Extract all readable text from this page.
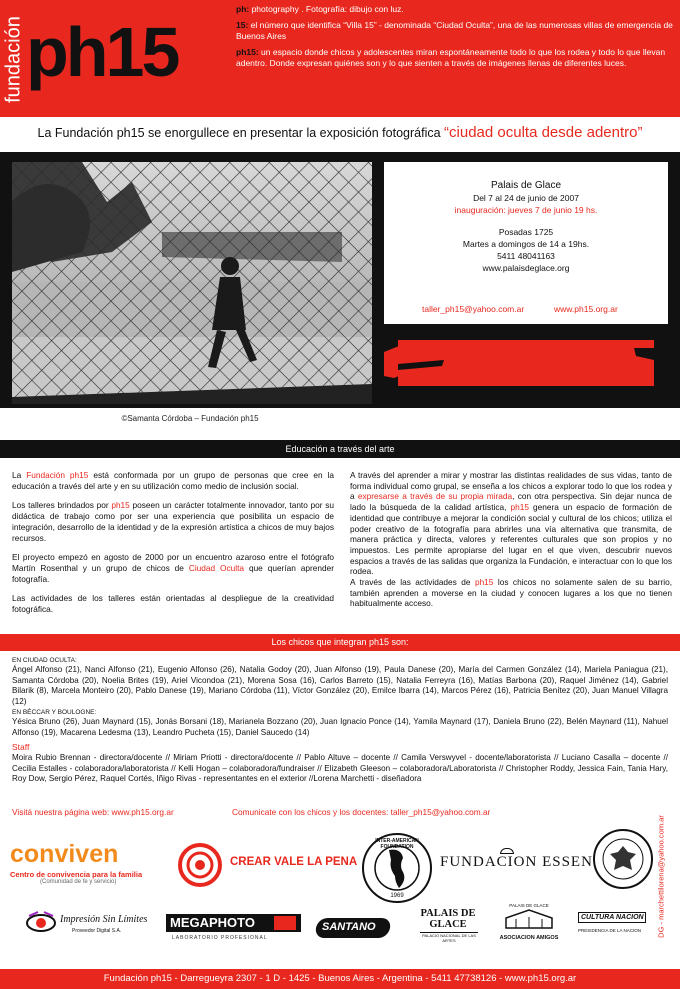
fundación ph15

ph: photography . Fotografía: dibujo con luz.

15: el número que identifica “Villa 15” - denominada “Ciudad Oculta”, una de las numerosas villas de emergencia de Buenos Aires

ph15: un espacio donde chicos y adolescentes miran espontáneamente todo lo que los rodea y todo lo que llevan adentro. Donde expresan quiénes son y lo que sienten a través de imágenes llenas de diferentes luces.

La Fundación ph15 se enorgullece en presentar la exposición fotográfica “ciudad oculta desde adentro”
©Samanta Córdoba – Fundación ph15
Palais de Glace
Del 7 al 24 de junio de 2007
inauguración: jueves 7 de junio 19 hs.
Posadas 1725
Martes a domingos de 14 a 19hs.
5411 48041163
www.palaisdeglace.org
taller_ph15@yahoo.com.ar	www.ph15.org.ar
Educación a través del arte

La Fundación ph15 está conformada por un grupo de personas que cree en la educación a través del arte y en su utilización como medio de inclusión social.

Los talleres brindados por ph15 poseen un carácter totalmente innovador, tanto por su didáctica de trabajo como por ser una experiencia que posibilita un espacio de integración, desarrollo de la identidad y de la expresión artística a chicos de muy bajos recursos.

El proyecto empezó en agosto de 2000 por un encuentro azaroso entre el fotógrafo Martín Rosenthal y un grupo de chicos de Ciudad Oculta que querían aprender fotografía.

Las actividades de los talleres están orientadas al despliegue de la creatividad fotográfica.

A través del aprender a mirar y mostrar las distintas realidades de sus vidas, tanto de forma individual como grupal, se enseña a los chicos a explorar todo lo que los rodea y a expresarse a través de su propia mirada, con otra perspectiva. Sin dejar nunca de lado la búsqueda de la calidad artística, ph15 genera un espacio de formación de identidad que contribuye a mejorar la condición social y cultural de los chicos; utiliza el poder creativo de la fotografía para abrirles una vía alternativa que transmita, de manera práctica y directa, valores y referentes culturales que son propios y no impuestos. Les permite apropiarse del lugar en el que viven, descubrir nuevos espacios a través de las salidas que organiza la Fundación, e interactuar con lo que los rodea.

A través de las actividades de ph15 los chicos no solamente salen de su barrio, también aprenden a moverse en la ciudad y conocen lugares a los que no tienen habitualmente acceso.

Los chicos que integran ph15 son:
EN CIUDAD OCULTA:
Ángel Alfonso (21), Nanci Alfonso (21), Eugenio Alfonso (26), Natalia Godoy (20), Juan Alfonso (19), Paula Danese (20), María del Carmen González (14), Mariela Paniagua (21), Samanta Córdoba (20), Noelia Brites (19), Ariel Vicondoa (21), Morena Sosa (16), Carlos Barreto (15), Natalia Ferreyra (16), Matías Barbona (20), Raquel Jiménez (14), Gabriel Bilarik (8), Marcela Monteiro (20), Pablo Danese (19), Mariano Córdoba (11), Víctor González (20), Emilce Ibarra (14), Marcos Pérez (16), Patricia Benítez (20), Juan Manuel Villagra (12)
EN BÉCCAR Y BOULOGNE:
Yésica Bruno (26), Juan Maynard (15), Jonás Borsani (18), Marianela Bozzano (20), Juan Ignacio Ponce (14), Yamila Maynard (17), Daniela Bruno (22), Belén Maynard (11), Nahuel Alfonso (19), Macarena Ledesma (13), Leandro Pucheta (15), Daniel Saucedo (14)
Staff
Moira Rubio Brennan - directora/docente // Miriam Priotti - directora/docente // Pablo Altuve – docente // Camila Verswyvel - docente/laboratorista // Luciano Casalla – docente // Cecilia Estalles - colaboradora/laboratorista // Kelli Hogan – colaboradora/fundraiser // Elizabeth Gleeson – colaboradora/Laboratorista // Christopher Roddy, Jessica Fain, Tania Hary, Roy Dow, Sergio Pérez, Raquel Cortés, Iñigo Rivas - representantes en el exterior //Lorena Marchetti - diseñadora
Visitá nuestra página web: www.ph15.org.ar	Comunicate con los chicos y los docentes: taller_ph15@yahoo.com.ar
conviven
Centro de convivencia para la familia
(Comunidad de fe y servicio)
CREAR VALE LA PENA
INTER-AMERICAN FOUNDATION
1969
FUNDACION ESSEN
Impresión Sin Límites
Proveedor Digital S.A.
MEGAPHOTO
LABORATORIO PROFESIONAL
SANTANO
PALAIS DE GLACE
PALACIO NACIONAL DE LAS ARTES
PALAIS DE GLACE
ASOCIACION AMIGOS
CULTURA NACION
PRESIDENCIA DE LA NACION	DG - marchettilorena@yahoo.com.ar
Fundación ph15 - Darregueyra 2307 - 1 D - 1425 - Buenos Aires - Argentina - 5411 47738126 - www.ph15.org.ar
